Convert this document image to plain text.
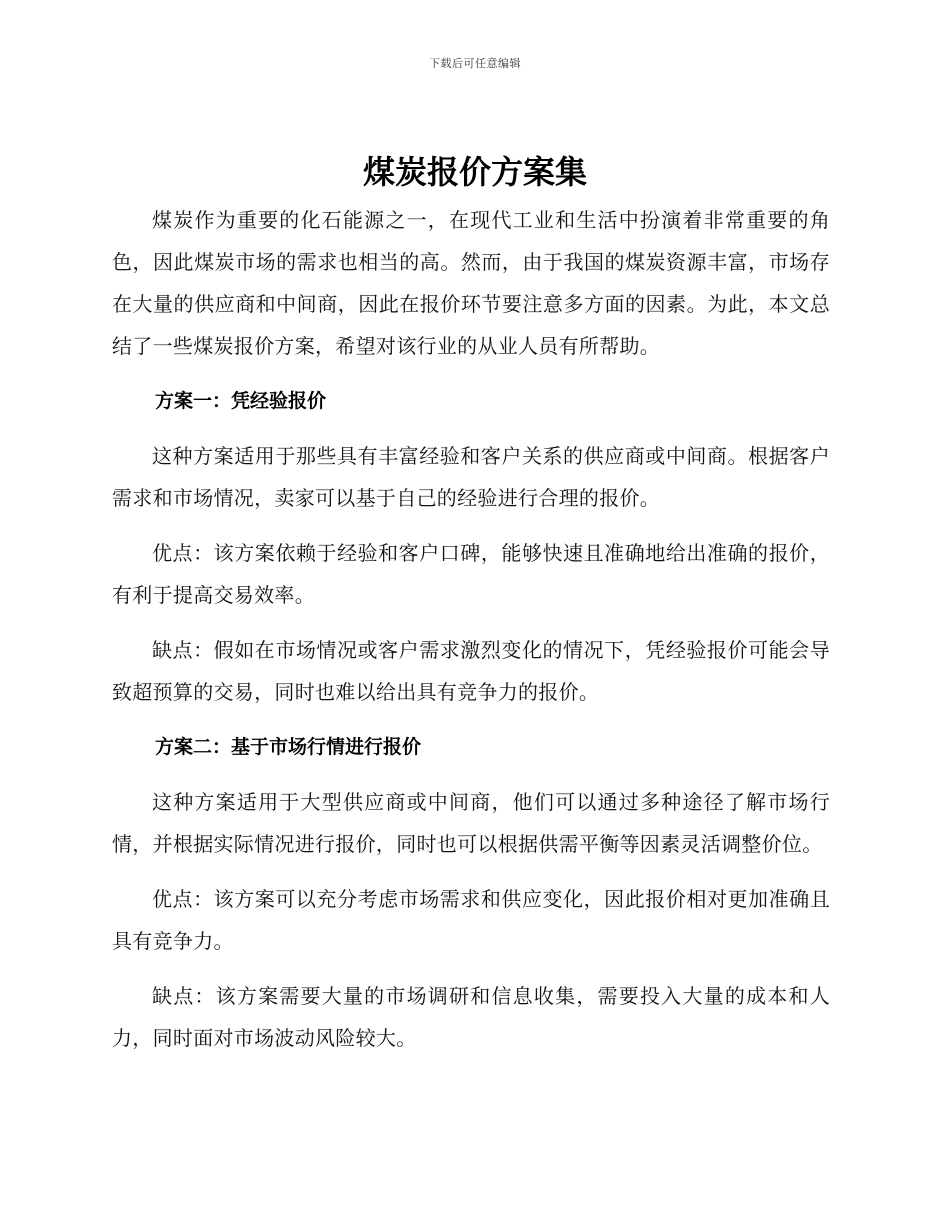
下载后可任意编辑
煤炭报价方案集

煤炭作为重要的化石能源之一，在现代工业和生活中扮演着非常重要的角色，因此煤炭市场的需求也相当的高。然而，由于我国的煤炭资源丰富，市场存在大量的供应商和中间商，因此在报价环节要注意多方面的因素。为此，本文总结了一些煤炭报价方案，希望对该行业的从业人员有所帮助。

方案一：凭经验报价

这种方案适用于那些具有丰富经验和客户关系的供应商或中间商。根据客户需求和市场情况，卖家可以基于自己的经验进行合理的报价。

优点：该方案依赖于经验和客户口碑，能够快速且准确地给出准确的报价，有利于提高交易效率。

缺点：假如在市场情况或客户需求激烈变化的情况下，凭经验报价可能会导致超预算的交易，同时也难以给出具有竞争力的报价。

方案二：基于市场行情进行报价

这种方案适用于大型供应商或中间商，他们可以通过多种途径了解市场行情，并根据实际情况进行报价，同时也可以根据供需平衡等因素灵活调整价位。

优点：该方案可以充分考虑市场需求和供应变化，因此报价相对更加准确且具有竞争力。

缺点：该方案需要大量的市场调研和信息收集，需要投入大量的成本和人力，同时面对市场波动风险较大。
